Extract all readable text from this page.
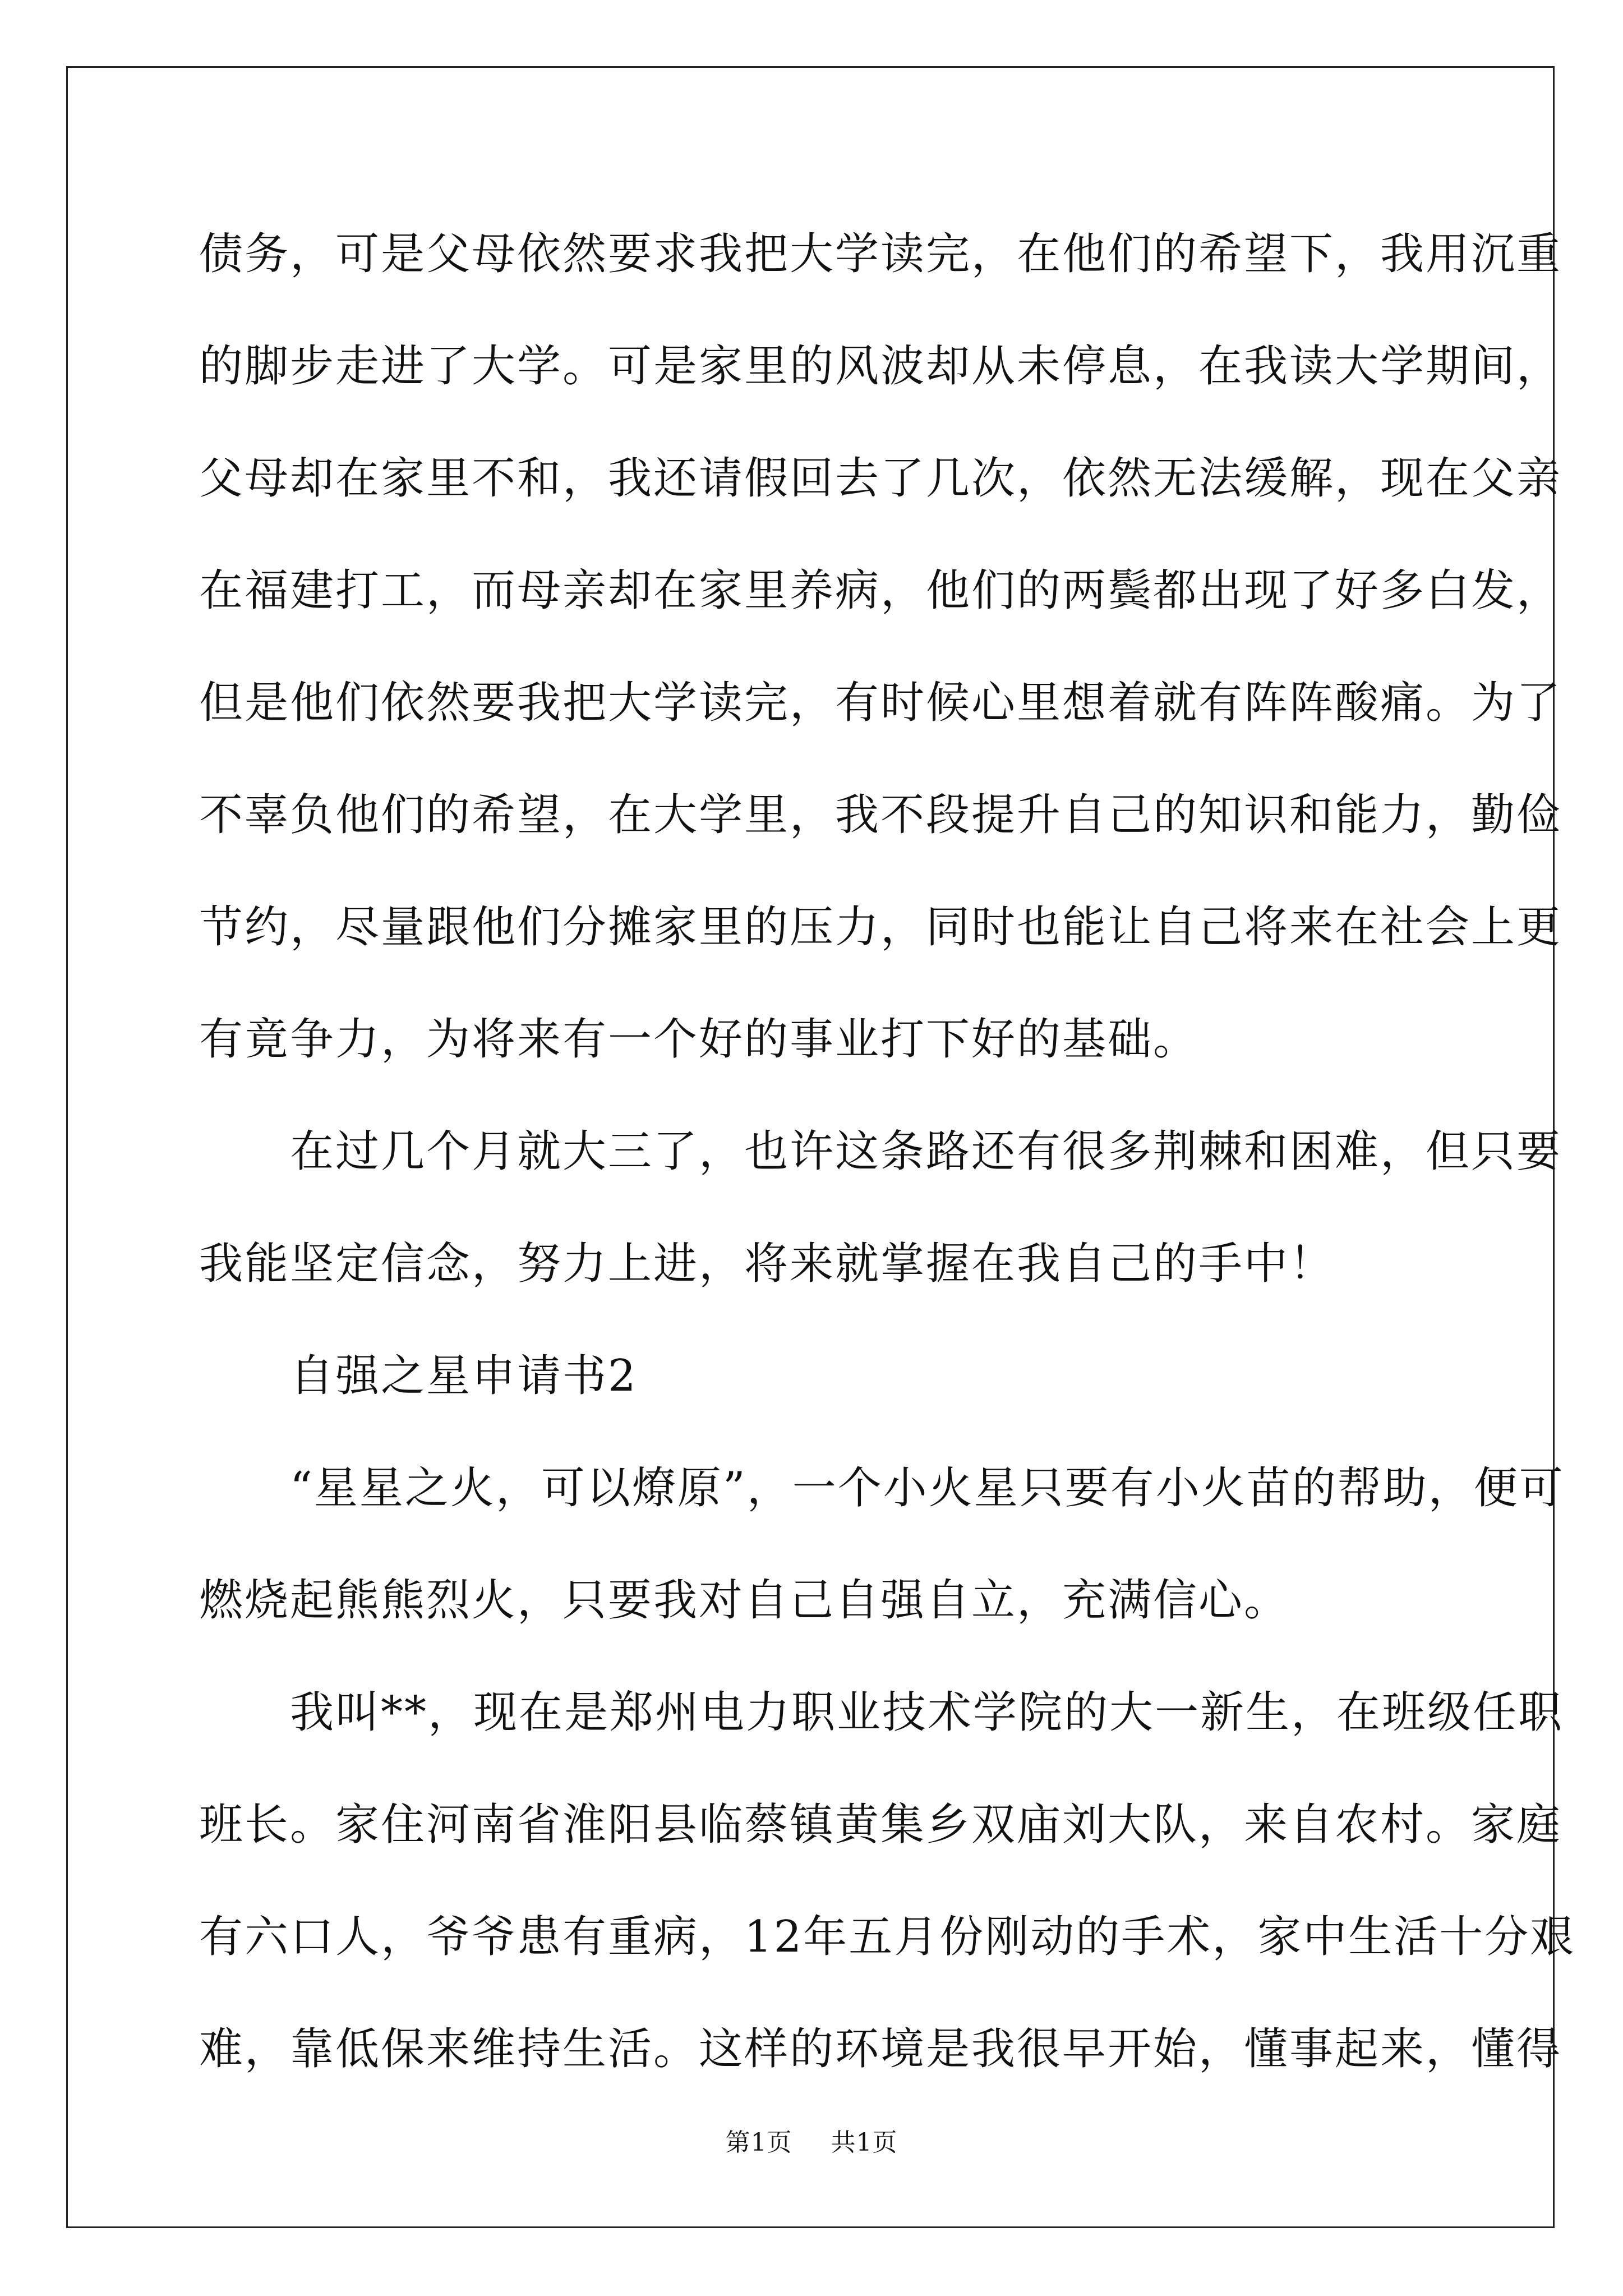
债务，可是父母依然要求我把大学读完，在他们的希望下，我用沉重
的脚步走进了大学。可是家里的风波却从未停息，在我读大学期间，
父母却在家里不和，我还请假回去了几次，依然无法缓解，现在父亲
在福建打工，而母亲却在家里养病，他们的两鬓都出现了好多白发，
但是他们依然要我把大学读完，有时候心里想着就有阵阵酸痛。为了
不辜负他们的希望，在大学里，我不段提升自己的知识和能力，勤俭
节约，尽量跟他们分摊家里的压力，同时也能让自己将来在社会上更
有竟争力，为将来有一个好的事业打下好的基础。
　　在过几个月就大三了，也许这条路还有很多荆棘和困难，但只要
我能坚定信念，努力上进，将来就掌握在我自己的手中！
　　自强之星申请书2
　　“星星之火，可以燎原”，一个小火星只要有小火苗的帮助，便可
燃烧起熊熊烈火，只要我对自己自强自立，充满信心。
　　我叫**，现在是郑州电力职业技术学院的大一新生，在班级任职
班长。家住河南省淮阳县临蔡镇黄集乡双庙刘大队，来自农村。家庭
有六口人，爷爷患有重病，12年五月份刚动的手术，家中生活十分艰
难，靠低保来维持生活。这样的环境是我很早开始，懂事起来，懂得
第1页 共1页
